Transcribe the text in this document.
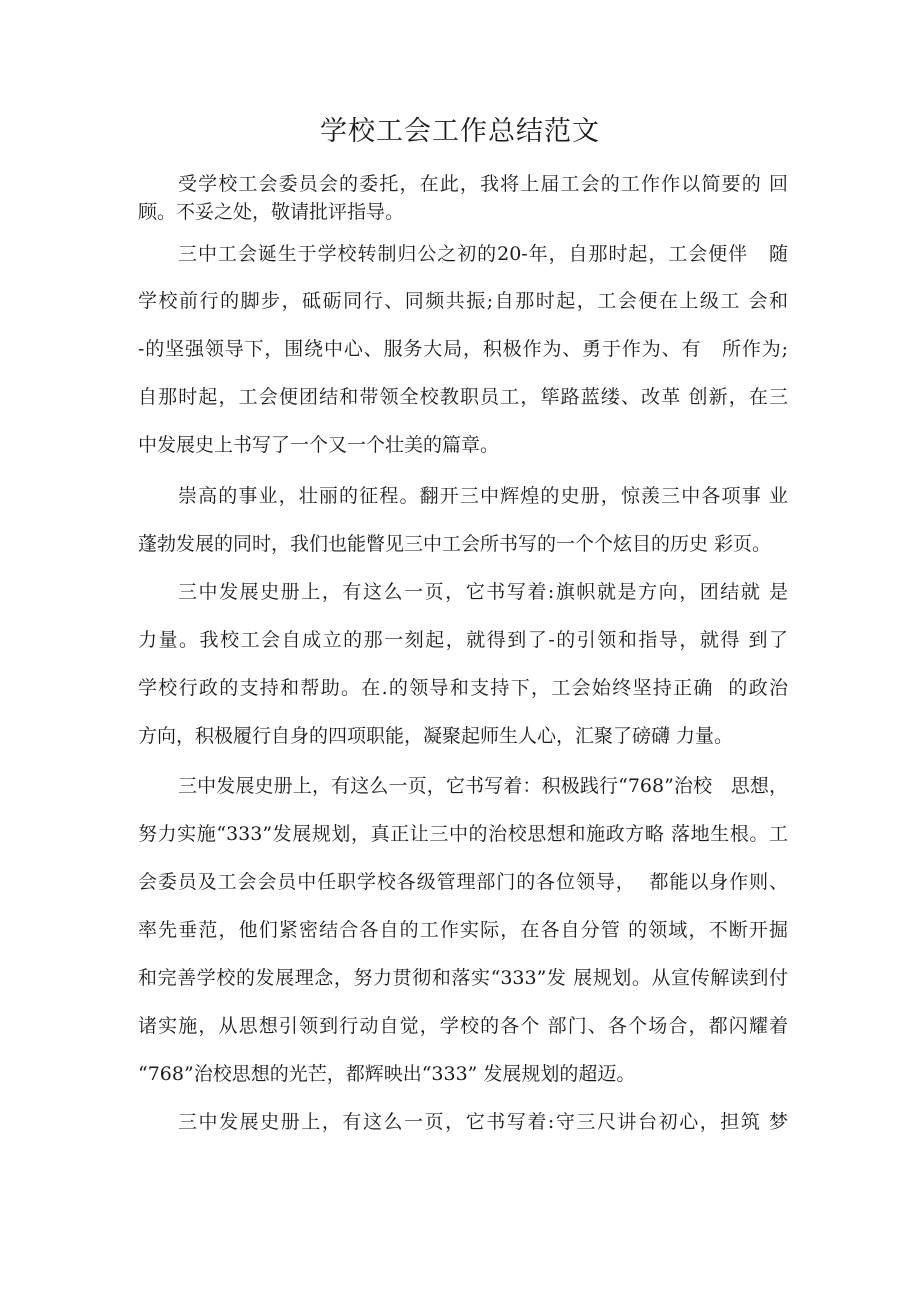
学校工会工作总结范文
受学校工会委员会的委托，在此，我将上届工会的工作作以简要的 回
顾。不妥之处，敬请批评指导。
三中工会诞生于学校转制归公之初的20-年，自那时起，工会便伴   随
学校前行的脚步，砥砺同行、同频共振;自那时起，工会便在上级工 会和
-的坚强领导下，围绕中心、服务大局，积极作为、勇于作为、有   所作为;
自那时起，工会便团结和带领全校教职员工，筚路蓝缕、改革 创新，在三
中发展史上书写了一个又一个壮美的篇章。
崇高的事业，壮丽的征程。翻开三中辉煌的史册，惊羡三中各项事 业
蓬勃发展的同时，我们也能瞥见三中工会所书写的一个个炫目的历史 彩页。
三中发展史册上，有这么一页，它书写着:旗帜就是方向，团结就 是
力量。我校工会自成立的那一刻起，就得到了-的引领和指导，就得 到了
学校行政的支持和帮助。在.的领导和支持下，工会始终坚持正确  的政治
方向，积极履行自身的四项职能，凝聚起师生人心，汇聚了磅礴 力量。
三中发展史册上，有这么一页，它书写着：积极践行“768”治校   思想，
努力实施“333”发展规划，真正让三中的治校思想和施政方略 落地生根。工
会委员及工会会员中任职学校各级管理部门的各位领导，  都能以身作则、
率先垂范，他们紧密结合各自的工作实际，在各自分管 的领域，不断开掘
和完善学校的发展理念，努力贯彻和落实“333”发 展规划。从宣传解读到付
诸实施，从思想引领到行动自觉，学校的各个 部门、各个场合，都闪耀着
“768”治校思想的光芒，都辉映出“333” 发展规划的超迈。
三中发展史册上，有这么一页，它书写着:守三尺讲台初心，担筑 梦
